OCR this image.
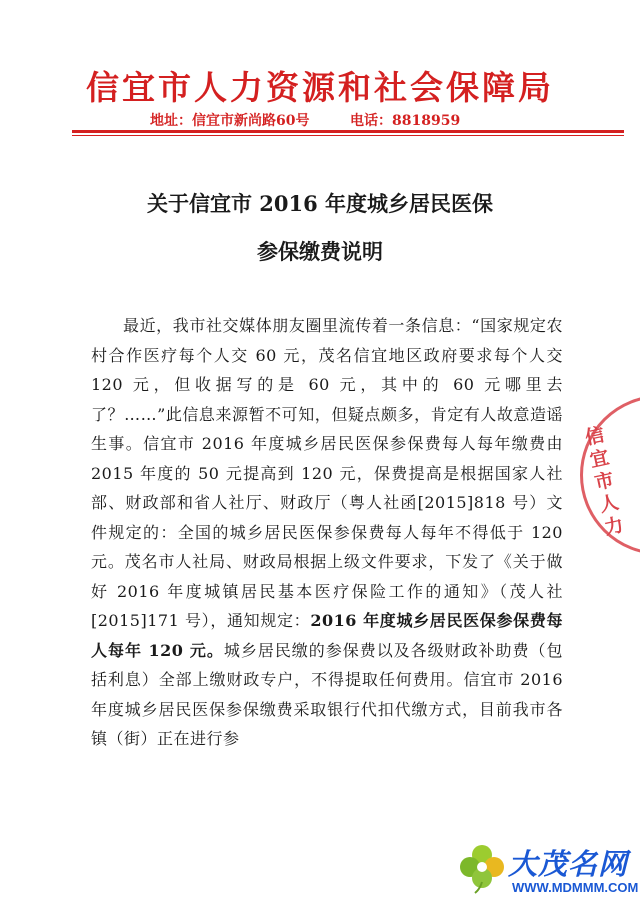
信宜市人力资源和社会保障局
地址：信宜市新尚路60号	电话：8818959
关于信宜市 2016 年度城乡居民医保
参保缴费说明

最近，我市社交媒体朋友圈里流传着一条信息：“国家规定农村合作医疗每个人交 60 元，茂名信宜地区政府要求每个人交 120 元，但收据写的是 60 元，其中的 60 元哪里去了？……”此信息来源暂不可知，但疑点颇多，肯定有人故意造谣生事。信宜市 2016 年度城乡居民医保参保费每人每年缴费由 2015 年度的 50 元提高到 120 元，保费提高是根据国家人社部、财政部和省人社厅、财政厅（粤人社函[2015]818 号）文件规定的：全国的城乡居民医保参保费每人每年不得低于 120 元。茂名市人社局、财政局根据上级文件要求，下发了《关于做好 2016 年度城镇居民基本医疗保险工作的通知》（茂人社[2015]171 号），通知规定：2016 年度城乡居民医保参保费每人每年 120 元。城乡居民缴的参保费以及各级财政补助费（包括利息）全部上缴财政专户，不得提取任何费用。信宜市 2016 年度城乡居民医保参保缴费采取银行代扣代缴方式，目前我市各镇（街）正在进行参

信宜市人力
大茂名网
WWW.MDMMM.COM
